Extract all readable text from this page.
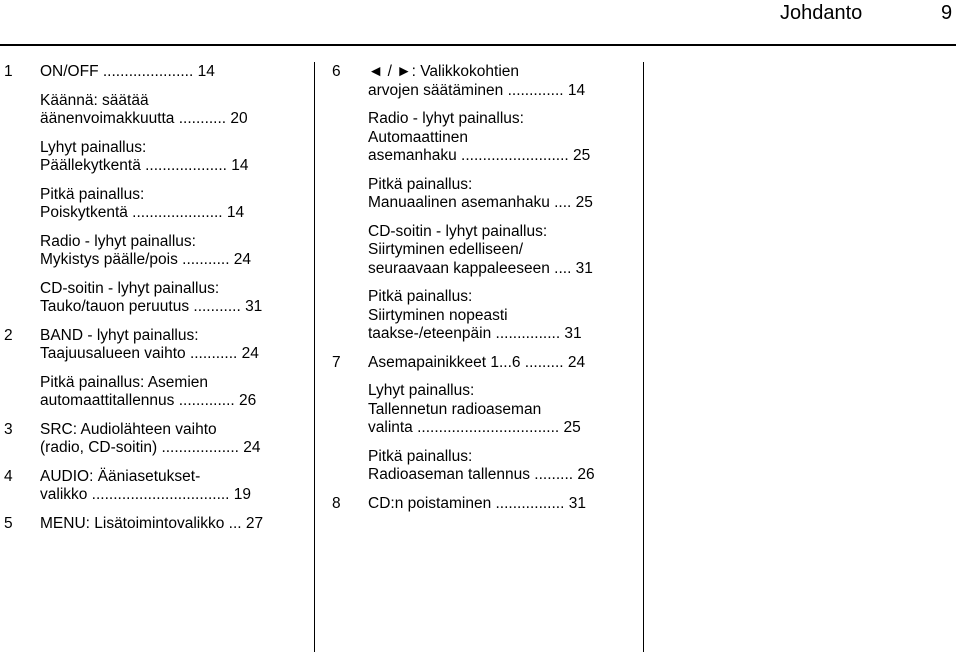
Johdanto	9
1 ON/OFF ..................... 14
Käännä: säätää
äänenvoimakkuutta ........... 20
Lyhyt painallus:
Päällekytkentä ................... 14
Pitkä painallus:
Poiskytkentä ..................... 14
Radio - lyhyt painallus:
Mykistys päälle/pois ........... 24
CD-soitin - lyhyt painallus:
Tauko/tauon peruutus ........... 31
2 BAND - lyhyt painallus:
Taajuusalueen vaihto ........... 24
Pitkä painallus: Asemien
automaattitallennus ............. 26
3 SRC: Audiolähteen vaihto
(radio, CD-soitin) .................. 24
4 AUDIO: Ääniasetukset-
valikko ................................ 19
5 MENU: Lisätoimintovalikko ... 27
6 ◄ / ►: Valikkokohtien
arvojen säätäminen ............. 14
Radio - lyhyt painallus:
Automaattinen
asemanhaku ......................... 25
Pitkä painallus:
Manuaalinen asemanhaku .... 25
CD-soitin - lyhyt painallus:
Siirtyminen edelliseen/
seuraavaan kappaleeseen .... 31
Pitkä painallus:
Siirtyminen nopeasti
taakse-/eteenpäin ............... 31
7 Asemapainikkeet 1...6 ......... 24
Lyhyt painallus:
Tallennetun radioaseman
valinta ................................. 25
Pitkä painallus:
Radioaseman tallennus ......... 26
8 CD:n poistaminen ................ 31
